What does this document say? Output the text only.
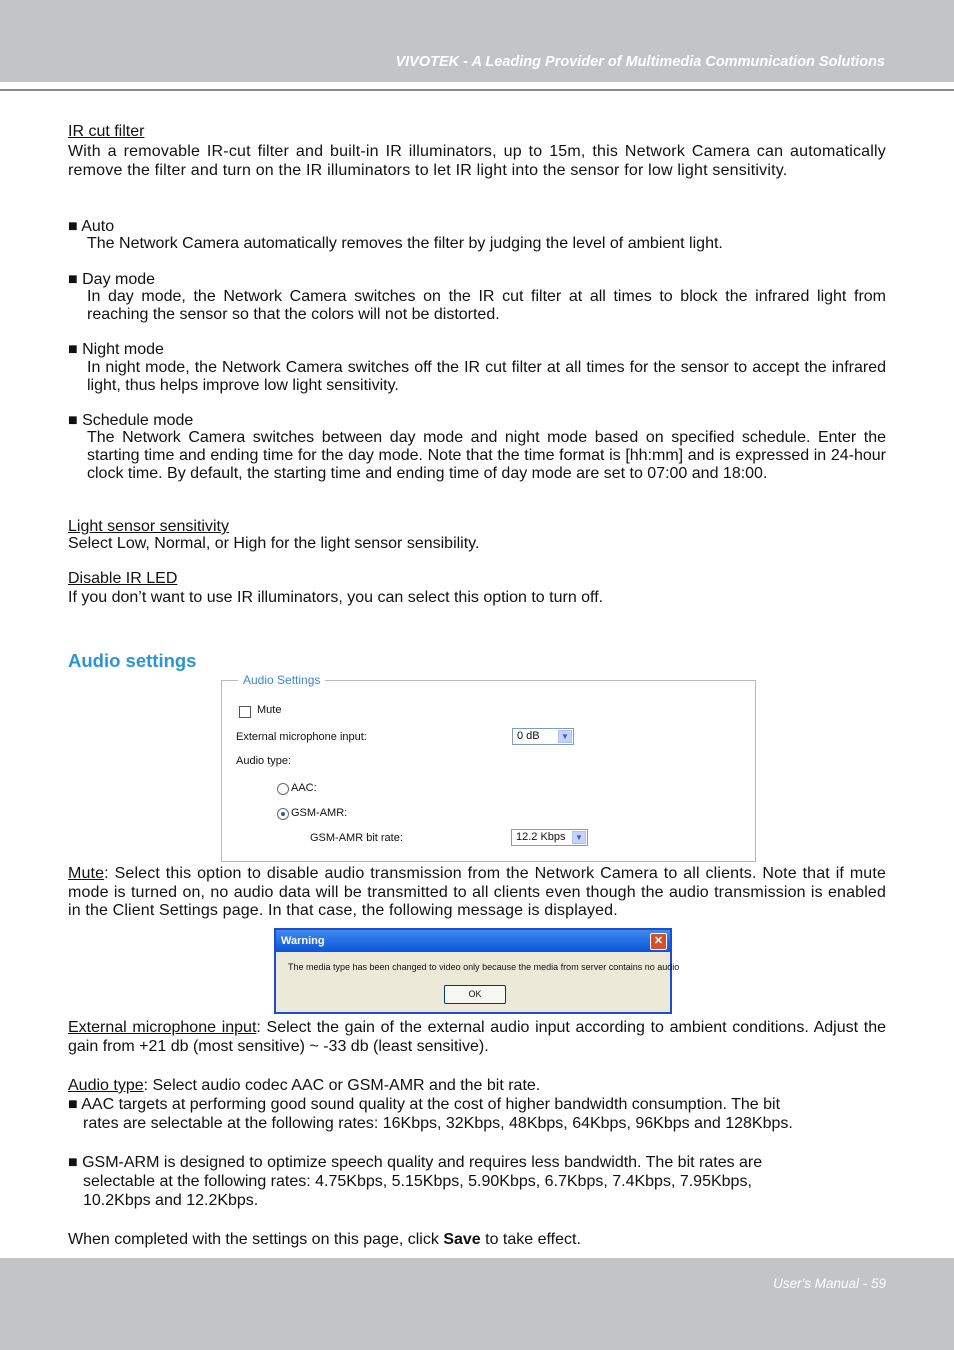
VIVOTEK - A Leading Provider of Multimedia Communication Solutions
IR cut filter
With a removable IR-cut filter and built-in IR illuminators, up to 15m, this Network Camera can automatically remove the filter and turn on the IR illuminators to let IR light into the sensor for low light sensitivity.
■ Auto
The Network Camera automatically removes the filter by judging the level of ambient light.
■ Day mode
In day mode, the Network Camera switches on the IR cut filter at all times to block the infrared light from reaching the sensor so that the colors will not be distorted.
■ Night mode
In night mode, the Network Camera switches off the IR cut filter at all times for the sensor to accept the infrared light, thus helps improve low light sensitivity.
■ Schedule mode
The Network Camera switches between day mode and night mode based on specified schedule. Enter the starting time and ending time for the day mode. Note that the time format is [hh:mm] and is expressed in 24-hour clock time. By default, the starting time and ending time of day mode are set to 07:00 and 18:00.
Light sensor sensitivity
Select Low, Normal, or High for the light sensor sensibility.
Disable IR LED
If you don’t want to use IR illuminators, you can select this option to turn off.
Audio settings
Audio Settings
Mute
External microphone input:	0 dB	▼
Audio type:
AAC:
GSM-AMR:
GSM-AMR bit rate:	12.2 Kbps	▼
Mute: Select this option to disable audio transmission from the Network Camera to all clients. Note that if mute mode is turned on, no audio data will be transmitted to all clients even though the audio transmission is enabled in the Client Settings page. In that case, the following message is displayed.
Warning	✕
The media type has been changed to video only because the media from server contains no audio
OK
External microphone input: Select the gain of the external audio input according to ambient conditions. Adjust the gain from +21 db (most sensitive) ~ -33 db (least sensitive).
Audio type: Select audio codec AAC or GSM-AMR and the bit rate.
■ AAC targets at performing good sound quality at the cost of higher bandwidth consumption. The bit
rates are selectable at the following rates: 16Kbps, 32Kbps, 48Kbps, 64Kbps, 96Kbps and 128Kbps.
■ GSM-ARM is designed to optimize speech quality and requires less bandwidth. The bit rates are
selectable at the following rates: 4.75Kbps, 5.15Kbps, 5.90Kbps, 6.7Kbps, 7.4Kbps, 7.95Kbps,
10.2Kbps and 12.2Kbps.
When completed with the settings on this page, click Save to take effect.
User's Manual - 59
